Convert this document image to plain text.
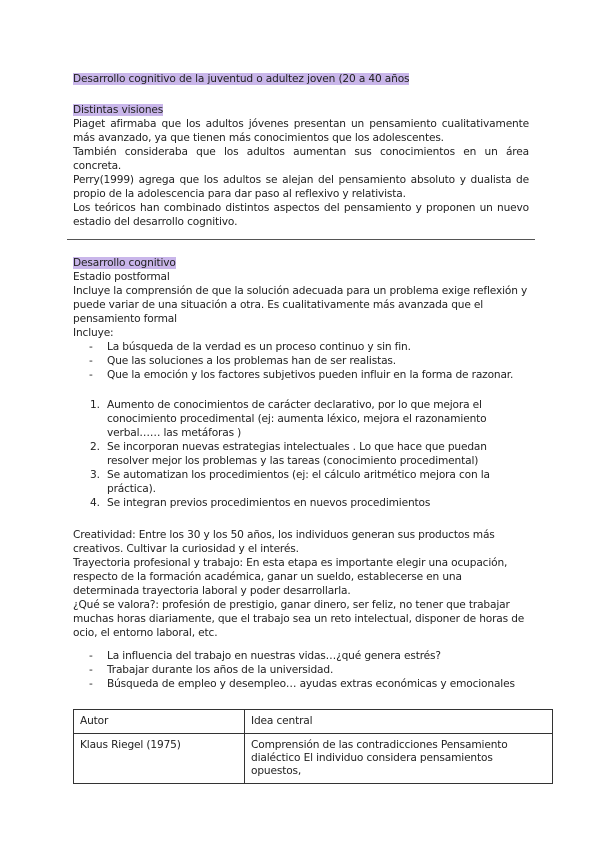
Desarrollo cognitivo de la juventud o adultez joven (20 a 40 años

Distintas visiones

Piaget afirmaba que los adultos jóvenes presentan un pensamiento cualitativamente más avanzado, ya que tienen más conocimientos que los adolescentes.

También consideraba que los adultos aumentan sus conocimientos en un área concreta.

Perry(1999) agrega que los adultos se alejan del pensamiento absoluto y dualista de propio de la adolescencia para dar paso al reflexivo y relativista.

Los teóricos han combinado distintos aspectos del pensamiento y proponen un nuevo estadio del desarrollo cognitivo.

Desarrollo cognitivo

Estadio postformal

Incluye la comprensión de que la solución adecuada para un problema exige reflexión y puede variar de una situación a otra. Es cualitativamente más avanzada que el pensamiento formal

Incluye:

- La búsqueda de la verdad es un proceso continuo y sin fin.
- Que las soluciones a los problemas han de ser realistas.
- Que la emoción y los factores subjetivos pueden influir en la forma de razonar.
1. Aumento de conocimientos de carácter declarativo, por lo que mejora el conocimiento procedimental (ej: aumenta léxico, mejora el razonamiento verbal…… las metáforas )
2. Se incorporan nuevas estrategias intelectuales . Lo que hace que puedan resolver mejor los problemas y las tareas (conocimiento procedimental)
3. Se automatizan los procedimientos (ej: el cálculo aritmético mejora con la práctica).
4. Se integran previos procedimientos en nuevos procedimientos

Creatividad: Entre los 30 y los 50 años, los individuos generan sus productos más creativos. Cultivar la curiosidad y el interés.

Trayectoria profesional y trabajo: En esta etapa es importante elegir una ocupación, respecto de la formación académica, ganar un sueldo, establecerse en una determinada trayectoria laboral y poder desarrollarla.

¿Qué se valora?: profesión de prestigio, ganar dinero, ser feliz, no tener que trabajar muchas horas diariamente, que el trabajo sea un reto intelectual, disponer de horas de ocio, el entorno laboral, etc.

- La influencia del trabajo en nuestras vidas…¿qué genera estrés?
- Trabajar durante los años de la universidad.
- Búsqueda de empleo y desempleo… ayudas extras económicas y emocionales
Autor	Idea central
Klaus Riegel (1975)	Comprensión de las contradicciones Pensamiento dialéctico El individuo considera pensamientos opuestos,
